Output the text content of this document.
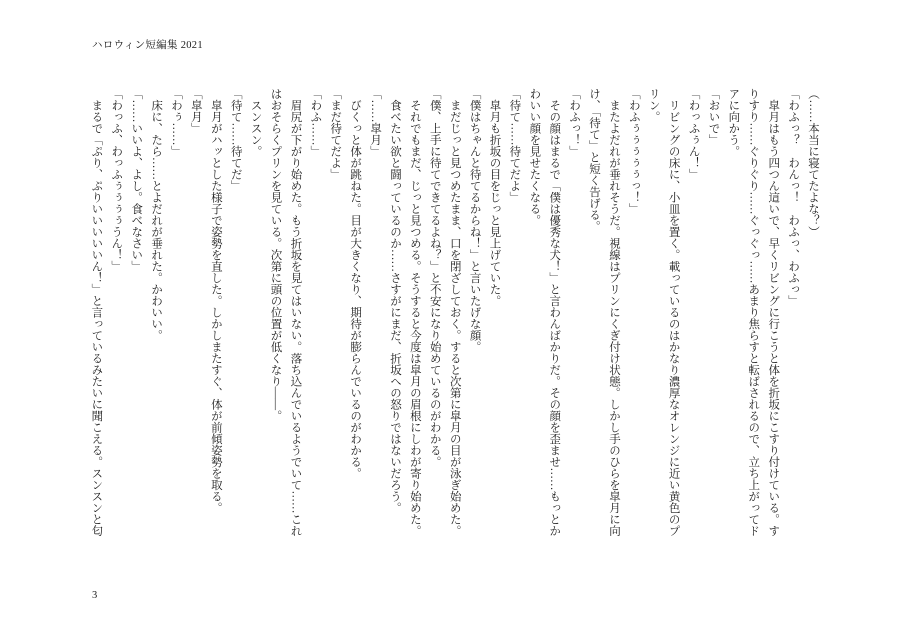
ハロウィン短編集 2021
（……本当に寝てたよな？）
「わふっ？　わんっ！　わふっ、わふっ」
　皐月はもう四つん這いで、早くリビングに行こうと体を折坂にこすり付けている。す
りすり……ぐりぐり……ぐっぐっ……あまり焦らすと転ばされるので、立ち上がってド
アに向かう。
「おいで」
「わっふぅん！」
　リビングの床に、小皿を置く。載っているのはかなり濃厚なオレンジに近い黄色のプ
リン。
「わふぅぅぅぅぅっ！」
　またよだれが垂れそうだ。視線はプリンにくぎ付け状態。しかし手のひらを皐月に向
け、「待て」と短く告げる。
「わふっ！」
　その顔はまるで「僕は優秀な犬！」と言わんばかりだ。その顔を歪ませ……もっとか
わいい顔を見せたくなる。
「待て……待てだよ」
　皐月も折坂の目をじっと見上げていた。
「僕はちゃんと待てるからね！」と言いたげな顔。
　まだじっと見つめたまま、口を閉ざしておく。すると次第に皐月の目が泳ぎ始めた。
「僕、上手に待てできてるよね？」と不安になり始めているのがわかる。
　それでもまだ、じっと見つめる。そうすると今度は皐月の眉根にしわが寄り始めた。
　食べたい欲と闘っているのか……さすがにまだ、折坂への怒りではないだろう。
「……皐月」
　びくっと体が跳ねた。目が大きくなり、期待が膨らんでいるのがわかる。
「まだ待てだよ」
「わふ……」
　眉尻が下がり始めた。もう折坂を見てはいない。落ち込んでいるようでいて……これ
はおそらくプリンを見ている。次第に頭の位置が低くなり――。
　スンスン。
「待て……待てだ」
　皐月がハッとした様子で姿勢を直した。しかしまたすぐ、体が前傾姿勢を取る。
「皐月」
「わぅ……」
　床に、たら……とよだれが垂れた。かわいい。
「……いいよ、よし。食べなさい」
「わっふ、わっふぅぅぅぅうん！」
　まるで「ぷり、ぷりいいいいいん！」と言っているみたいに聞こえる。スンスンと匂
3
